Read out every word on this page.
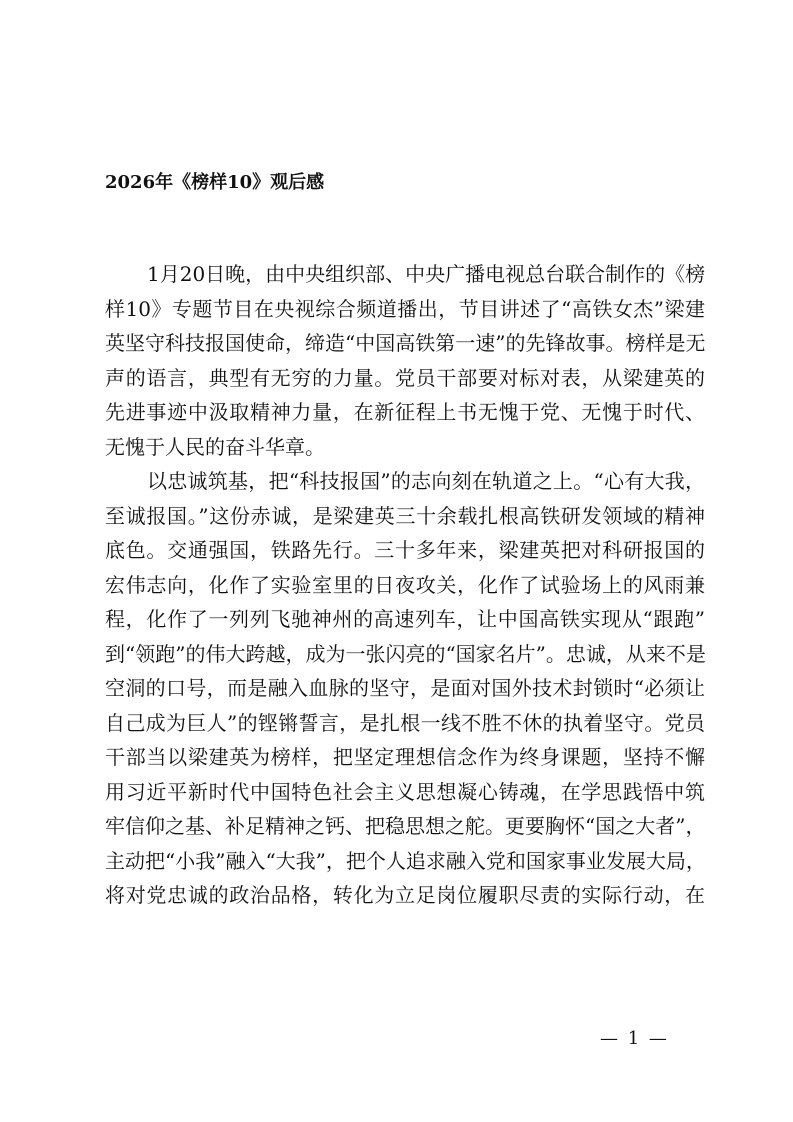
2026年《榜样10》观后感
1月20日晚，由中央组织部、中央广播电视总台联合制作的《榜
样10》专题节目在央视综合频道播出，节目讲述了“高铁女杰”梁建
英坚守科技报国使命，缔造“中国高铁第一速”的先锋故事。榜样是无
声的语言，典型有无穷的力量。党员干部要对标对表，从梁建英的
先进事迹中汲取精神力量，在新征程上书无愧于党、无愧于时代、
无愧于人民的奋斗华章。
以忠诚筑基，把“科技报国”的志向刻在轨道之上。“心有大我，
至诚报国。”这份赤诚，是梁建英三十余载扎根高铁研发领域的精神
底色。交通强国，铁路先行。三十多年来，梁建英把对科研报国的
宏伟志向，化作了实验室里的日夜攻关，化作了试验场上的风雨兼
程，化作了一列列飞驰神州的高速列车，让中国高铁实现从“跟跑”
到“领跑”的伟大跨越，成为一张闪亮的“国家名片”。忠诚，从来不是
空洞的口号，而是融入血脉的坚守，是面对国外技术封锁时“必须让
自己成为巨人”的铿锵誓言，是扎根一线不胜不休的执着坚守。党员
干部当以梁建英为榜样，把坚定理想信念作为终身课题，坚持不懈
用习近平新时代中国特色社会主义思想凝心铸魂，在学思践悟中筑
牢信仰之基、补足精神之钙、把稳思想之舵。更要胸怀“国之大者”，
主动把“小我”融入“大我”，把个人追求融入党和国家事业发展大局，
将对党忠诚的政治品格，转化为立足岗位履职尽责的实际行动，在
— 1 —
